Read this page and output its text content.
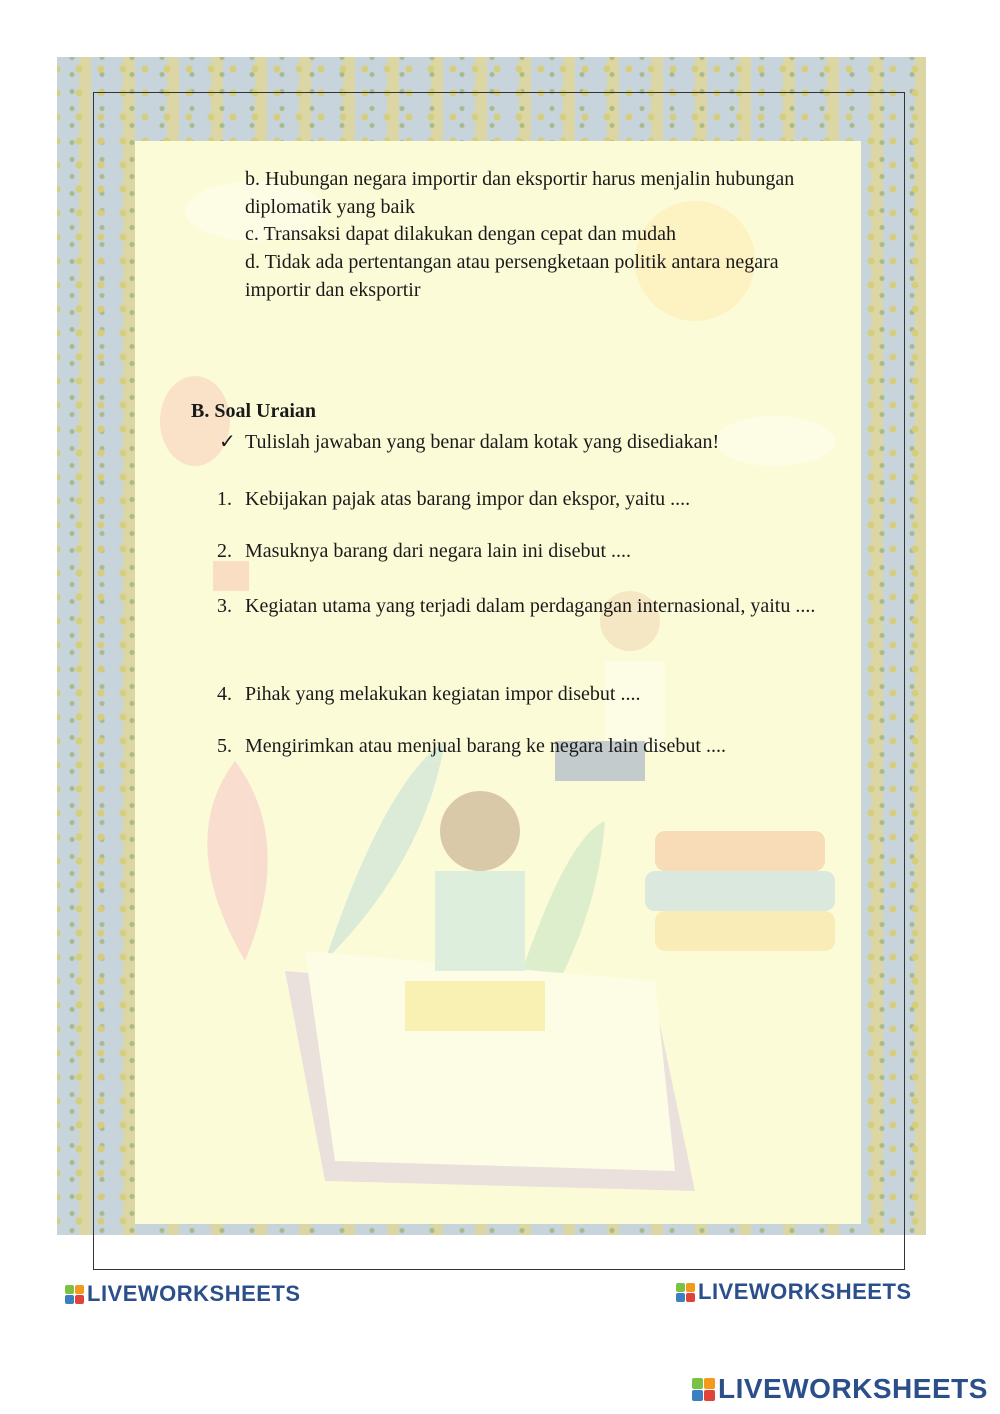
b. Hubungan negara importir dan eksportir harus menjalin hubungan diplomatik yang baik
c. Transaksi dapat dilakukan dengan cepat dan mudah
d. Tidak ada pertentangan atau persengketaan politik antara negara importir dan eksportir
B. Soal Uraian
✓ Tulislah jawaban yang benar dalam kotak yang disediakan!
1. Kebijakan pajak atas barang impor dan ekspor, yaitu ....
2. Masuknya barang dari negara lain ini disebut ....
3. Kegiatan utama yang terjadi dalam perdagangan internasional, yaitu ....
4. Pihak yang melakukan kegiatan impor disebut ....
5. Mengirimkan atau menjual barang ke negara lain disebut ....
LIVEWORKSHEETS	LIVEWORKSHEETS
LIVEWORKSHEETS
